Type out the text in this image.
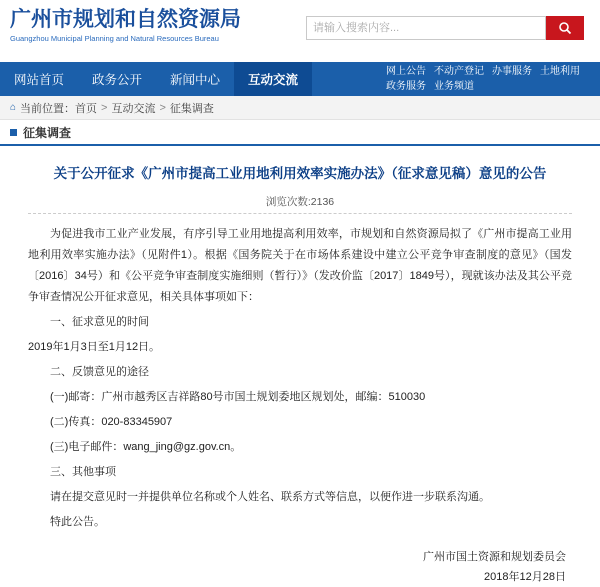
广州市规划和自然资源局
Guangzhou Municipal Planning and Natural Resources Bureau
请输入搜索内容...
网站首页	政务公开	新闻中心	互动交流
网上公告 不动产登记 办事服务 土地利用
政务服务 业务频道
⌂ 当前位置： 首页 > 互动交流 > 征集调查
征集调查
关于公开征求《广州市提高工业用地利用效率实施办法》（征求意见稿）意见的公告
浏览次数:2136

为促进我市工业产业发展，有序引导工业用地提高利用效率，市规划和自然资源局拟了《广州市提高工业用地利用效率实施办法》（见附件1）。根据《国务院关于在市场体系建设中建立公平竞争审查制度的意见》（国发〔2016〕34号）和《公平竞争审查制度实施细则（暂行）》（发改价监〔2017〕1849号），现就该办法及其公平竞争审查情况公开征求意见，相关具体事项如下：

一、征求意见的时间

2019年1月3日至1月12日。

二、反馈意见的途径

(一)邮寄：广州市越秀区吉祥路80号市国土规划委地区规划处，邮编：510030

(二)传真：020-83345907

(三)电子邮件：wang_jing@gz.gov.cn。

三、其他事项

请在提交意见时一并提供单位名称或个人姓名、联系方式等信息，以便作进一步联系沟通。

特此公告。

广州市国土资源和规划委员会
2018年12月28日
